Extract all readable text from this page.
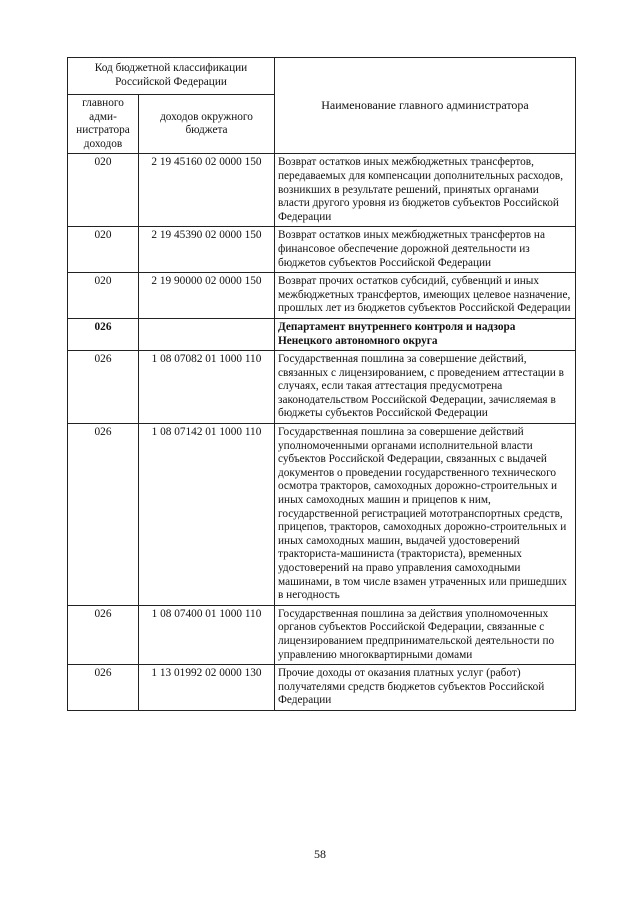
Код бюджетной классификации Российской Федерации		Наименование главного администратора
главного адми-нистратора доходов	доходов окружного бюджета	
020	2 19 45160 02 0000 150	Возврат остатков иных межбюджетных трансфертов, передаваемых для компенсации дополнительных расходов, возникших в результате решений, принятых органами власти другого уровня из бюджетов субъектов Российской Федерации
020	2 19 45390 02 0000 150	Возврат остатков иных межбюджетных трансфертов на финансовое обеспечение дорожной деятельности из бюджетов субъектов Российской Федерации
020	2 19 90000 02 0000 150	Возврат прочих остатков субсидий, субвенций и иных межбюджетных трансфертов, имеющих целевое назначение, прошлых лет из бюджетов субъектов Российской Федерации
026		Департамент внутреннего контроля и надзора Ненецкого автономного округа
026	1 08 07082 01 1000 110	Государственная пошлина за совершение действий, связанных с лицензированием, с проведением аттестации в случаях, если такая аттестация предусмотрена законодательством Российской Федерации, зачисляемая в бюджеты субъектов Российской Федерации
026	1 08 07142 01 1000 110	Государственная пошлина за совершение действий уполномоченными органами исполнительной власти субъектов Российской Федерации, связанных с выдачей документов о проведении государственного технического осмотра тракторов, самоходных дорожно-строительных и иных самоходных машин и прицепов к ним, государственной регистрацией мототранспортных средств, прицепов, тракторов, самоходных дорожно-строительных и иных самоходных машин, выдачей удостоверений тракториста-машиниста (тракториста), временных удостоверений на право управления самоходными машинами, в том числе взамен утраченных или пришедших в негодность
026	1 08 07400 01 1000 110	Государственная пошлина за действия уполномоченных органов субъектов Российской Федерации, связанные с лицензированием предпринимательской деятельности по управлению многоквартирными домами
026	1 13 01992 02 0000 130	Прочие доходы от оказания платных услуг (работ) получателями средств бюджетов субъектов Российской Федерации
58
